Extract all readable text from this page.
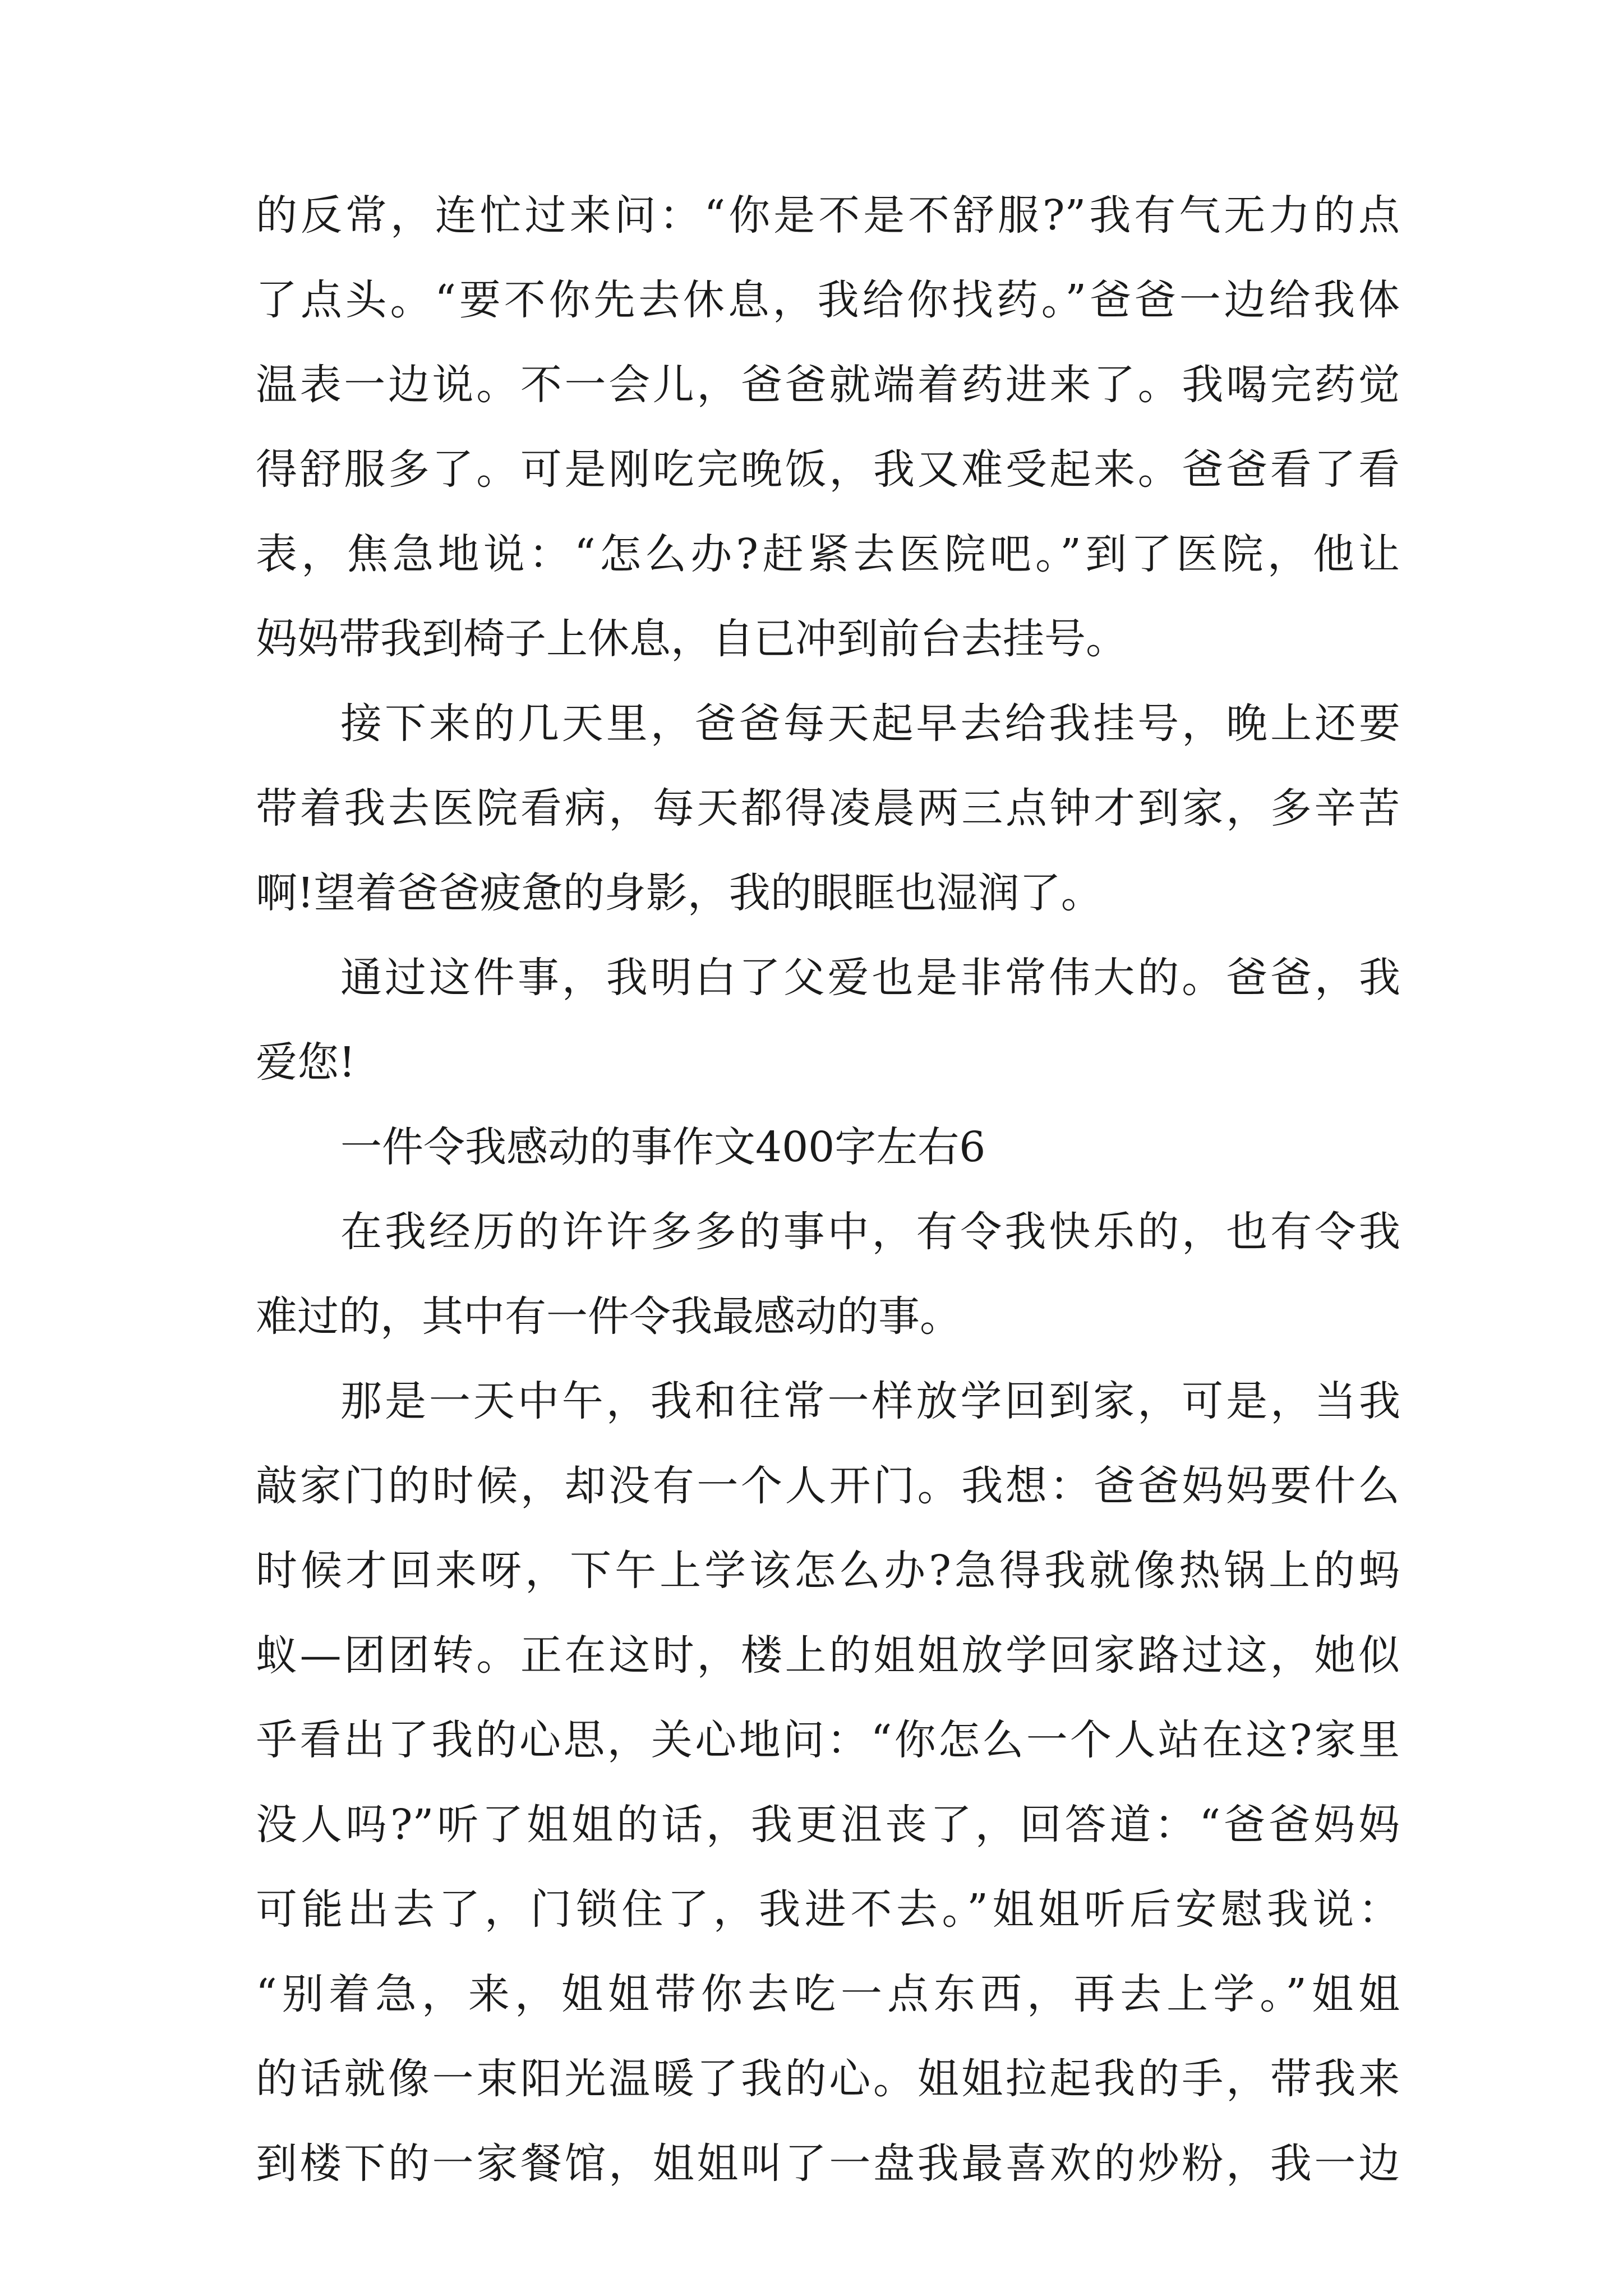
的反常，连忙过来问：“你是不是不舒服?”我有气无力的点
了点头。“要不你先去休息，我给你找药。”爸爸一边给我体
温表一边说。不一会儿，爸爸就端着药进来了。我喝完药觉
得舒服多了。可是刚吃完晚饭，我又难受起来。爸爸看了看
表，焦急地说：“怎么办?赶紧去医院吧。”到了医院，他让
妈妈带我到椅子上休息，自已冲到前台去挂号。
接下来的几天里，爸爸每天起早去给我挂号，晚上还要
带着我去医院看病，每天都得凌晨两三点钟才到家，多辛苦
啊!望着爸爸疲惫的身影，我的眼眶也湿润了。
通过这件事，我明白了父爱也是非常伟大的。爸爸，我
爱您!
一件令我感动的事作文400字左右6
在我经历的许许多多的事中，有令我快乐的，也有令我
难过的，其中有一件令我最感动的事。
那是一天中午，我和往常一样放学回到家，可是，当我
敲家门的时候，却没有一个人开门。我想：爸爸妈妈要什么
时候才回来呀，下午上学该怎么办?急得我就像热锅上的蚂
蚁—团团转。正在这时，楼上的姐姐放学回家路过这，她似
乎看出了我的心思，关心地问：“你怎么一个人站在这?家里
没人吗?”听了姐姐的话，我更沮丧了，回答道：“爸爸妈妈
可能出去了，门锁住了，我进不去。”姐姐听后安慰我说：
“别着急，来，姐姐带你去吃一点东西，再去上学。”姐姐
的话就像一束阳光温暖了我的心。姐姐拉起我的手，带我来
到楼下的一家餐馆，姐姐叫了一盘我最喜欢的炒粉，我一边
